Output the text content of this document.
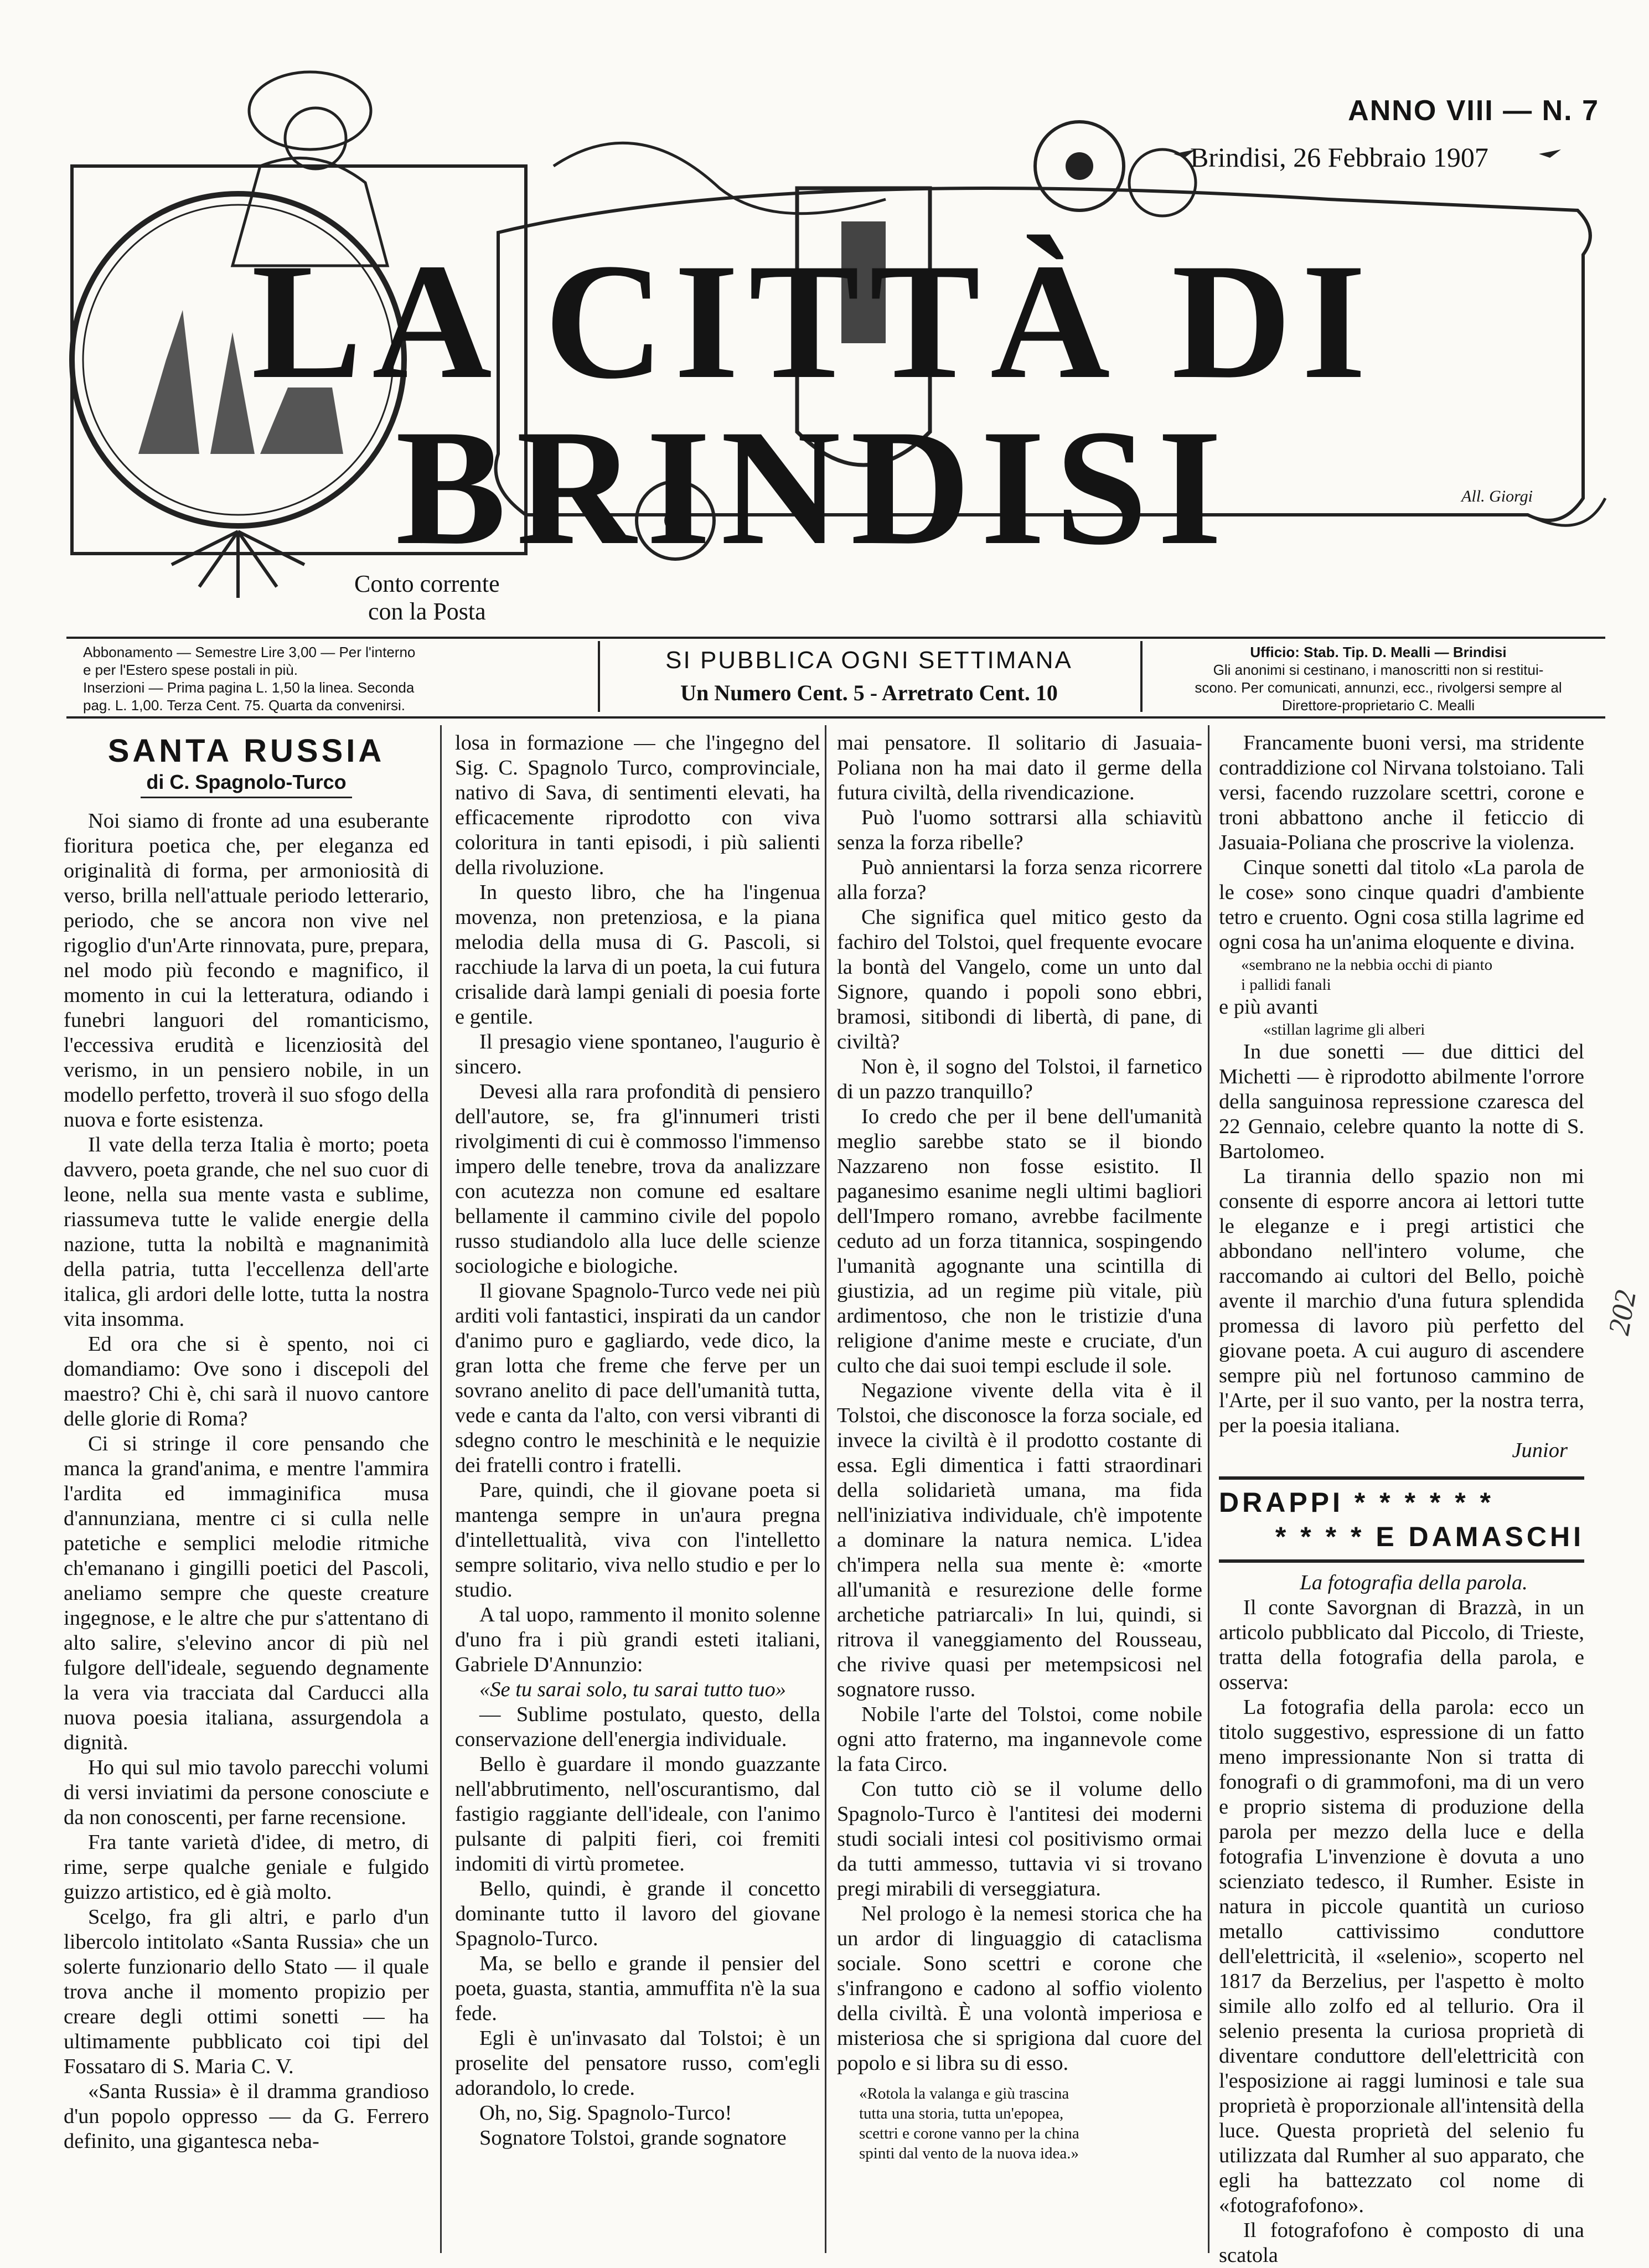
ANNO VIII — N. 7
Brindisi, 26 Febbraio 1907
LA CITTÀ DI BRINDISI
Conto corrente
con la Posta
All. Giorgi
Abbonamento — Semestre Lire 3,00 — Per l'interno
e per l'Estero spese postali in più.
Inserzioni — Prima pagina L. 1,50 la linea. Seconda
pag. L. 1,00. Terza Cent. 75. Quarta da convenirsi.
SI PUBBLICA OGNI SETTIMANA
Un Numero Cent. 5 - Arretrato Cent. 10
Ufficio: Stab. Tip. D. Mealli — Brindisi
Gli anonimi si cestinano, i manoscritti non si restitui-
scono. Per comunicati, annunzi, ecc., rivolgersi sempre al
Direttore-proprietario C. Mealli
SANTA RUSSIA
di C. Spagnolo-Turco

Noi siamo di fronte ad una esuberante fioritura poetica che, per eleganza ed originalità di forma, per armoniosità di verso, brilla nell'attuale periodo letterario, periodo, che se ancora non vive nel rigoglio d'un'Arte rinnovata, pure, prepara, nel modo più fecondo e magnifico, il momento in cui la letteratura, odiando i funebri languori del romanticismo, l'eccessiva erudità e licenziosità del verismo, in un pensiero nobile, in un modello perfetto, troverà il suo sfogo della nuova e forte esistenza.

Il vate della terza Italia è morto; poeta davvero, poeta grande, che nel suo cuor di leone, nella sua mente vasta e sublime, riassumeva tutte le valide energie della nazione, tutta la nobiltà e magnanimità della patria, tutta l'eccellenza dell'arte italica, gli ardori delle lotte, tutta la nostra vita insomma.

Ed ora che si è spento, noi ci domandiamo: Ove sono i discepoli del maestro? Chi è, chi sarà il nuovo cantore delle glorie di Roma?

Ci si stringe il core pensando che manca la grand'anima, e mentre l'ammira l'ardita ed immaginifica musa d'annunziana, mentre ci si culla nelle patetiche e semplici melodie ritmiche ch'emanano i gingilli poetici del Pascoli, aneliamo sempre che queste creature ingegnose, e le altre che pur s'attentano di alto salire, s'elevino ancor di più nel fulgore dell'ideale, seguendo degnamente la vera via tracciata dal Carducci alla nuova poesia italiana, assurgendola a dignità.

Ho qui sul mio tavolo parecchi volumi di versi inviatimi da persone conosciute e da non conoscenti, per farne recensione.

Fra tante varietà d'idee, di metro, di rime, serpe qualche geniale e fulgido guizzo artistico, ed è già molto.

Scelgo, fra gli altri, e parlo d'un libercolo intitolato «Santa Russia» che un solerte funzionario dello Stato — il quale trova anche il momento propizio per creare degli ottimi sonetti — ha ultimamente pubblicato coi tipi del Fossataro di S. Maria C. V.

«Santa Russia» è il dramma grandioso d'un popolo oppresso — da G. Ferrero definito, una gigantesca neba-

losa in formazione — che l'ingegno del Sig. C. Spagnolo Turco, comprovinciale, nativo di Sava, di sentimenti elevati, ha efficacemente riprodotto con viva coloritura in tanti episodi, i più salienti della rivoluzione.

In questo libro, che ha l'ingenua movenza, non pretenziosa, e la piana melodia della musa di G. Pascoli, si racchiude la larva di un poeta, la cui futura crisalide darà lampi geniali di poesia forte e gentile.

Il presagio viene spontaneo, l'augurio è sincero.

Devesi alla rara profondità di pensiero dell'autore, se, fra gl'innumeri tristi rivolgimenti di cui è commosso l'immenso impero delle tenebre, trova da analizzare con acutezza non comune ed esaltare bellamente il cammino civile del popolo russo studiandolo alla luce delle scienze sociologiche e biologiche.

Il giovane Spagnolo-Turco vede nei più arditi voli fantastici, inspirati da un candor d'animo puro e gagliardo, vede dico, la gran lotta che freme che ferve per un sovrano anelito di pace dell'umanità tutta, vede e canta da l'alto, con versi vibranti di sdegno contro le meschinità e le nequizie dei fratelli contro i fratelli.

Pare, quindi, che il giovane poeta si mantenga sempre in un'aura pregna d'intellettualità, viva con l'intelletto sempre solitario, viva nello studio e per lo studio.

A tal uopo, rammento il monito solenne d'uno fra i più grandi esteti italiani, Gabriele D'Annunzio:

«Se tu sarai solo, tu sarai tutto tuo»

— Sublime postulato, questo, della conservazione dell'energia individuale.

Bello è guardare il mondo guazzante nell'abbrutimento, nell'oscurantismo, dal fastigio raggiante dell'ideale, con l'animo pulsante di palpiti fieri, coi fremiti indomiti di virtù prometee.

Bello, quindi, è grande il concetto dominante tutto il lavoro del giovane Spagnolo-Turco.

Ma, se bello e grande il pensier del poeta, guasta, stantia, ammuffita n'è la sua fede.

Egli è un'invasato dal Tolstoi; è un proselite del pensatore russo, com'egli adorandolo, lo crede.

Oh, no, Sig. Spagnolo-Turco!

Sognatore Tolstoi, grande sognatore

mai pensatore. Il solitario di Jasuaia-Poliana non ha mai dato il germe della futura civiltà, della rivendicazione.

Può l'uomo sottrarsi alla schiavitù senza la forza ribelle?

Può annientarsi la forza senza ricorrere alla forza?

Che significa quel mitico gesto da fachiro del Tolstoi, quel frequente evocare la bontà del Vangelo, come un unto dal Signore, quando i popoli sono ebbri, bramosi, sitibondi di libertà, di pane, di civiltà?

Non è, il sogno del Tolstoi, il farnetico di un pazzo tranquillo?

Io credo che per il bene dell'umanità meglio sarebbe stato se il biondo Nazzareno non fosse esistito. Il paganesimo esanime negli ultimi bagliori dell'Impero romano, avrebbe facilmente ceduto ad un forza titannica, sospingendo l'umanità agognante una scintilla di giustizia, ad un regime più vitale, più ardimentoso, che non le tristizie d'una religione d'anime meste e cruciate, d'un culto che dai suoi tempi esclude il sole.

Negazione vivente della vita è il Tolstoi, che disconosce la forza sociale, ed invece la civiltà è il prodotto costante di essa. Egli dimentica i fatti straordinari della solidarietà umana, ma fida nell'iniziativa individuale, ch'è impotente a dominare la natura nemica. L'idea ch'impera nella sua mente è: «morte all'umanità e resurezione delle forme archetiche patriarcali» In lui, quindi, si ritrova il vaneggiamento del Rousseau, che rivive quasi per metempsicosi nel sognatore russo.

Nobile l'arte del Tolstoi, come nobile ogni atto fraterno, ma ingannevole come la fata Circo.

Con tutto ciò se il volume dello Spagnolo-Turco è l'antitesi dei moderni studi sociali intesi col positivismo ormai da tutti ammesso, tuttavia vi si trovano pregi mirabili di verseggiatura.

Nel prologo è la nemesi storica che ha un ardor di linguaggio di cataclisma sociale. Sono scettri e corone che s'infrangono e cadono al soffio violento della civiltà. È una volontà imperiosa e misteriosa che si sprigiona dal cuore del popolo e si libra su di esso.

«Rotola la valanga e giù trascina

tutta una storia, tutta un'epopea,

scettri e corone vanno per la china

spinti dal vento de la nuova idea.»

Francamente buoni versi, ma stridente contraddizione col Nirvana tolstoiano. Tali versi, facendo ruzzolare scettri, corone e troni abbattono anche il feticcio di Jasuaia-Poliana che proscrive la violenza.

Cinque sonetti dal titolo «La parola de le cose» sono cinque quadri d'ambiente tetro e cruento. Ogni cosa stilla lagrime ed ogni cosa ha un'anima eloquente e divina.

«sembrano ne la nebbia occhi di pianto

i pallidi fanali

e più avanti

«stillan lagrime gli alberi

In due sonetti — due dittici del Michetti — è riprodotto abilmente l'orrore della sanguinosa repressione czaresca del 22 Gennaio, celebre quanto la notte di S. Bartolomeo.

La tirannia dello spazio non mi consente di esporre ancora ai lettori tutte le eleganze e i pregi artistici che abbondano nell'intero volume, che raccomando ai cultori del Bello, poichè avente il marchio d'una futura splendida promessa di lavoro più perfetto del giovane poeta. A cui auguro di ascendere sempre più nel fortunoso cammino de l'Arte, per il suo vanto, per la nostra terra, per la poesia italiana.

Junior

DRAPPI * * * * * *
* * * * E DAMASCHI

La fotografia della parola.

Il conte Savorgnan di Brazzà, in un articolo pubblicato dal Piccolo, di Trieste, tratta della fotografia della parola, e osserva:

La fotografia della parola: ecco un titolo suggestivo, espressione di un fatto meno impressionante Non si tratta di fonografi o di grammofoni, ma di un vero e proprio sistema di produzione della parola per mezzo della luce e della fotografia L'invenzione è dovuta a uno scienziato tedesco, il Rumher. Esiste in natura in piccole quantità un curioso metallo cattivissimo conduttore dell'elettricità, il «selenio», scoperto nel 1817 da Berzelius, per l'aspetto è molto simile allo zolfo ed al tellurio. Ora il selenio presenta la curiosa proprietà di diventare conduttore dell'elettricità con l'esposizione ai raggi luminosi e tale sua proprietà è proporzionale all'intensità della luce. Questa proprietà del selenio fu utilizzata dal Rumher al suo apparato, che egli ha battezzato col nome di «fotografofono».

Il fotografofono è composto di una scatola

202
